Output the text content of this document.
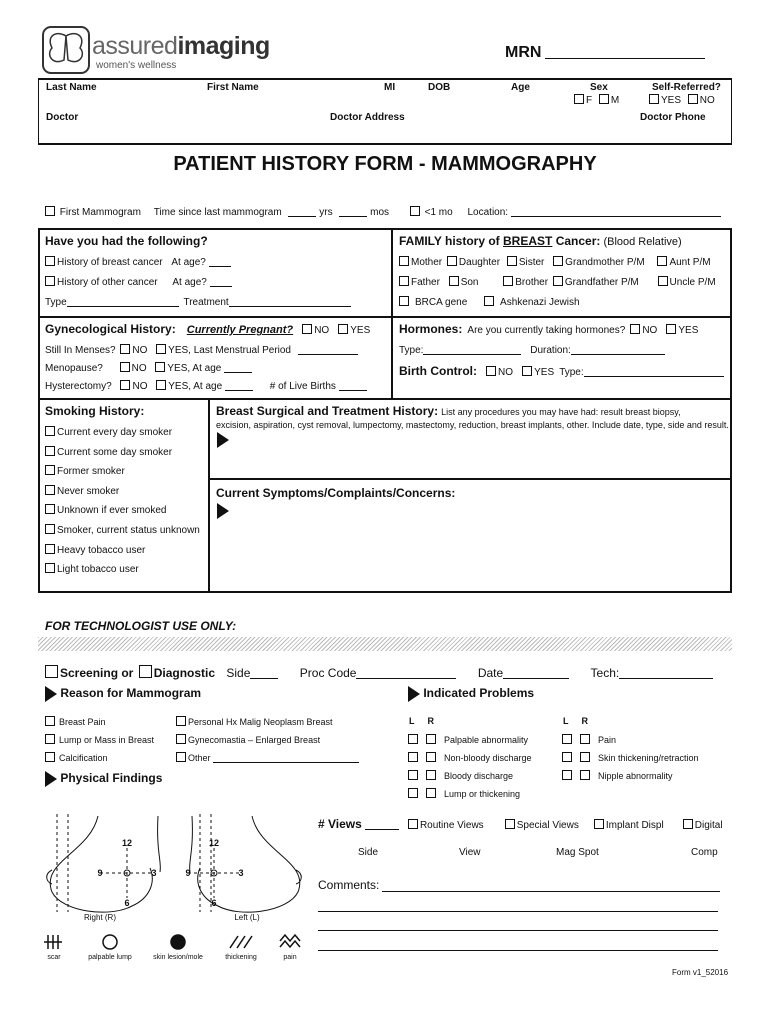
assuredimaging
women's wellness
MRN
Last Name	First Name	MI	DOB	Age	Sex
F M
Self-Referred?
YES NO
Doctor	Doctor Address	Doctor Phone
PATIENT HISTORY FORM - MAMMOGRAPHY
First Mammogram Time since last mammogram	yrs	mos	<1 mo Location:
Have you had the following?
History of breast cancer At age?
History of other cancer At age?
Type	Treatment
FAMILY history of BREAST Cancer: (Blood Relative)
Mother Daughter Sister Grandmother P/M Aunt P/M
Father Son	Brother Grandfather P/M	Uncle P/M
BRCA gene	Ashkenazi Jewish
Gynecological History: Currently Pregnant? NO YES
Still In Menses? NO YES, Last Menstrual Period
Menopause?	NO YES, At age
Hysterectomy? NO YES, At age	# of Live Births
Hormones: Are you currently taking hormones? NO YES
Type:	Duration:
Birth Control: NO YES Type:
Smoking History:
Current every day smoker
Current some day smoker
Former smoker
Never smoker
Unknown if ever smoked
Smoker, current status unknown
Heavy tobacco user
Light tobacco user
Breast Surgical and Treatment History: List any procedures you may have had: result breast biopsy,
excision, aspiration, cyst removal, lumpectomy, mastectomy, reduction, breast implants, other. Include date, type, side and result.
Current Symptoms/Complaints/Concerns:
FOR TECHNOLOGIST USE ONLY:
Screening or Diagnostic Side	Proc Code	Date	Tech:
Reason for Mammogram	Indicated Problems
Breast Pain
Lump or Mass in Breast
Calcification
Personal Hx Malig Neoplasm Breast
Gynecomastia – Enlarged Breast
Other
L R	L R
Palpable abnormality
Non-bloody discharge
Bloody discharge
Lump or thickening
Pain
Skin thickening/retraction
Nipple abnormality
Physical Findings
12
9	3
6
12
9	3
6
Right (R)	Left (L)
scar	palpable lump	skin lesion/mole	thickening	pain
# Views	Routine Views	Special Views	Implant Displ	Digital
Side	View	Mag Spot	Comp
Comments:
Form v1_52016
